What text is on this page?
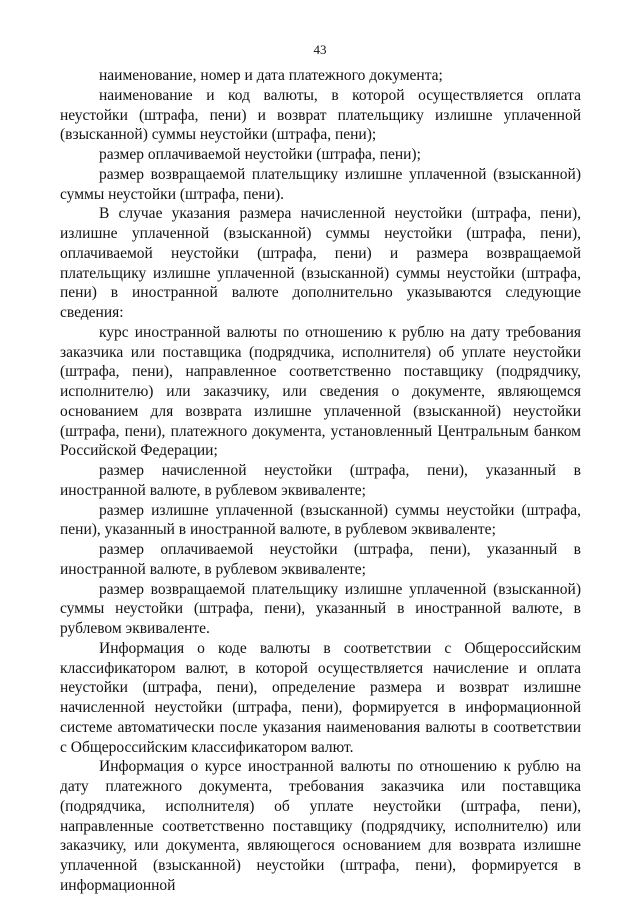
43

наименование, номер и дата платежного документа;

наименование и код валюты, в которой осуществляется оплата неустойки (штрафа, пени) и возврат плательщику излишне уплаченной (взысканной) суммы неустойки (штрафа, пени);

размер оплачиваемой неустойки (штрафа, пени);

размер возвращаемой плательщику излишне уплаченной (взысканной) суммы неустойки (штрафа, пени).

В случае указания размера начисленной неустойки (штрафа, пени), излишне уплаченной (взысканной) суммы неустойки (штрафа, пени), оплачиваемой неустойки (штрафа, пени) и размера возвращаемой плательщику излишне уплаченной (взысканной) суммы неустойки (штрафа, пени) в иностранной валюте дополнительно указываются следующие сведения:

курс иностранной валюты по отношению к рублю на дату требования заказчика или поставщика (подрядчика, исполнителя) об уплате неустойки (штрафа, пени), направленное соответственно поставщику (подрядчику, исполнителю) или заказчику, или сведения о документе, являющемся основанием для возврата излишне уплаченной (взысканной) неустойки (штрафа, пени), платежного документа, установленный Центральным банком Российской Федерации;

размер начисленной неустойки (штрафа, пени), указанный в иностранной валюте, в рублевом эквиваленте;

размер излишне уплаченной (взысканной) суммы неустойки (штрафа, пени), указанный в иностранной валюте, в рублевом эквиваленте;

размер оплачиваемой неустойки (штрафа, пени), указанный в иностранной валюте, в рублевом эквиваленте;

размер возвращаемой плательщику излишне уплаченной (взысканной) суммы неустойки (штрафа, пени), указанный в иностранной валюте, в рублевом эквиваленте.

Информация о коде валюты в соответствии с Общероссийским классификатором валют, в которой осуществляется начисление и оплата неустойки (штрафа, пени), определение размера и возврат излишне начисленной неустойки (штрафа, пени), формируется в информационной системе автоматически после указания наименования валюты в соответствии с Общероссийским классификатором валют.

Информация о курсе иностранной валюты по отношению к рублю на дату платежного документа, требования заказчика или поставщика (подрядчика, исполнителя) об уплате неустойки (штрафа, пени), направленные соответственно поставщику (подрядчику, исполнителю) или заказчику, или документа, являющегося основанием для возврата излишне уплаченной (взысканной) неустойки (штрафа, пени), формируется в информационной
